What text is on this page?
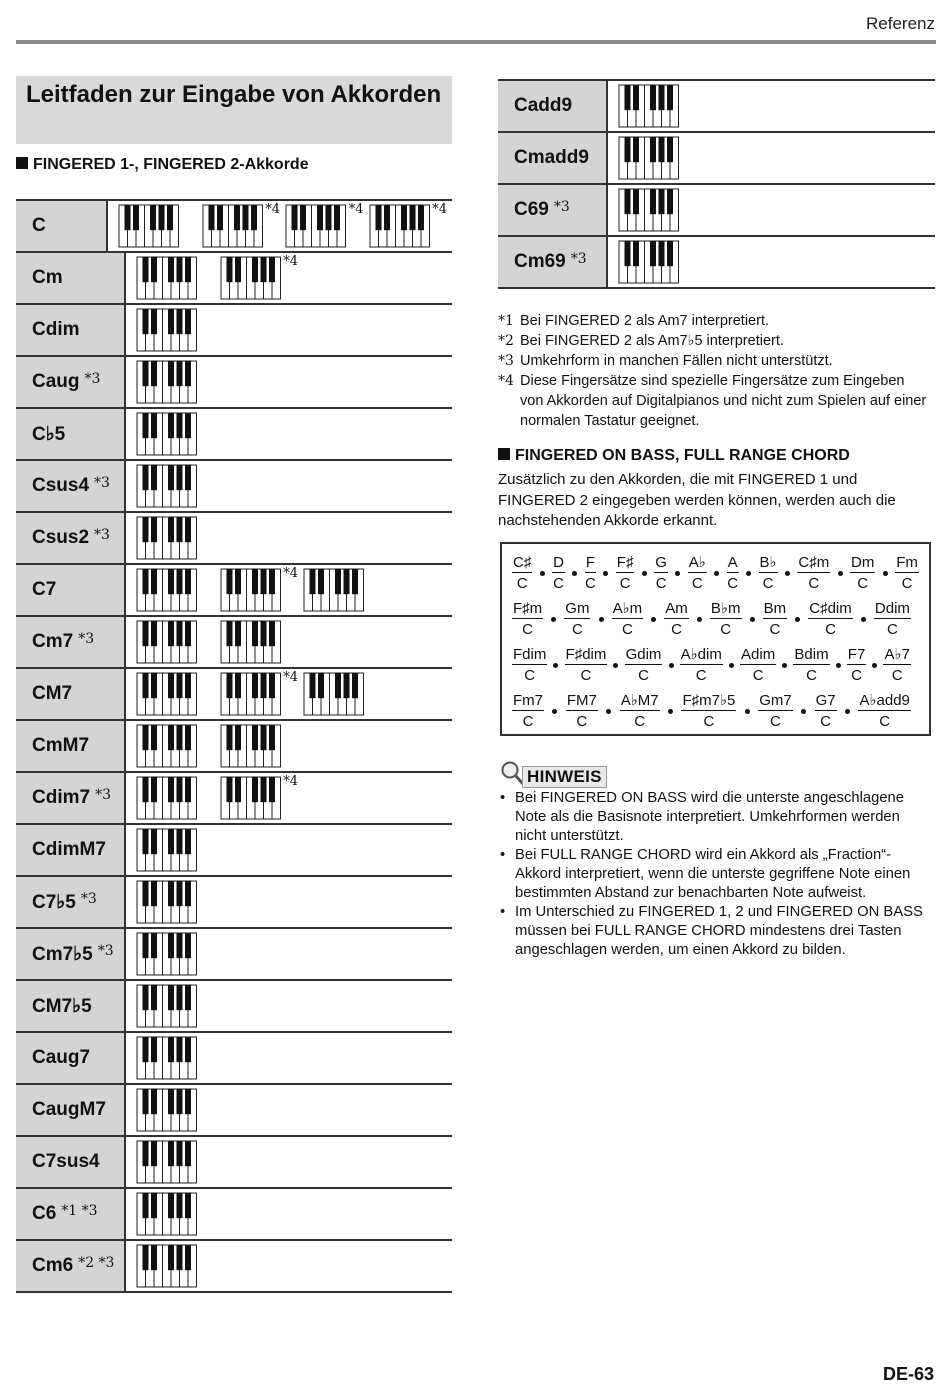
Referenz
Leitfaden zur Eingabe von Akkorden
FINGERED 1-, FINGERED 2-Akkorde
C
*4	*4	*4
Cm
*4
Cdim
Caug *3
C♭5
Csus4 *3
Csus2 *3
C7
*4
Cm7 *3
CM7
*4
CmM7
Cdim7 *3
*4
CdimM7
C7♭5 *3
Cm7♭5 *3
CM7♭5
Caug7
CaugM7
C7sus4
C6 *1 *3
Cm6 *2 *3
Cadd9
Cmadd9
C69 *3
Cm69 *3
*1 Bei FINGERED 2 als Am7 interpretiert.
*2 Bei FINGERED 2 als Am7♭5 interpretiert.
*3 Umkehrform in manchen Fällen nicht unterstützt.
*4 Diese Fingersätze sind spezielle Fingersätze zum Eingeben von Akkorden auf Digitalpianos und nicht zum Spielen auf einer normalen Tastatur geeignet.
FINGERED ON BASS, FULL RANGE CHORD
Zusätzlich zu den Akkorden, die mit FINGERED 1 und FINGERED 2 eingegeben werden können, werden auch die nachstehenden Akkorde erkannt.
$\frac{C♯}{C} \frac{D}{C} \frac{F}{C} \frac{F♯}{C} \frac{G}{C} \frac{A♭}{C} \frac{A}{C} \frac{B♭}{C} \frac{C♯m}{C} \frac{Dm}{C} \frac{Fm}{C}$
$\frac{F♯m}{C} \frac{Gm}{C} \frac{A♭m}{C} \frac{Am}{C} \frac{B♭m}{C} \frac{Bm}{C} \frac{\text{C♯dim}}{C} \frac{\text{Ddim}}{C}$
$\frac{\text{Fdim}}{C} \frac{\text{F♯dim}}{C} \frac{\text{Gdim}}{C} \frac{\text{A♭dim}}{C} \frac{\text{Adim}}{C} \frac{\text{Bdim}}{C} \frac{F7}{C} \frac{A♭7}{C}$
$\frac{Fm7}{C} \frac{FM7}{C} \frac{A♭M7}{C} \frac{F♯m7♭5}{C} \frac{Gm7}{C} \frac{G7}{C} \frac{\text{A♭add9}}{C}$
HINWEIS
• Bei FINGERED ON BASS wird die unterste angeschlagene Note als die Basisnote interpretiert. Umkehrformen werden nicht unterstützt.
• Bei FULL RANGE CHORD wird ein Akkord als „Fraction“-Akkord interpretiert, wenn die unterste gegriffene Note einen bestimmten Abstand zur benachbarten Note aufweist.
• Im Unterschied zu FINGERED 1, 2 und FINGERED ON BASS müssen bei FULL RANGE CHORD mindestens drei Tasten angeschlagen werden, um einen Akkord zu bilden.
DE-63
